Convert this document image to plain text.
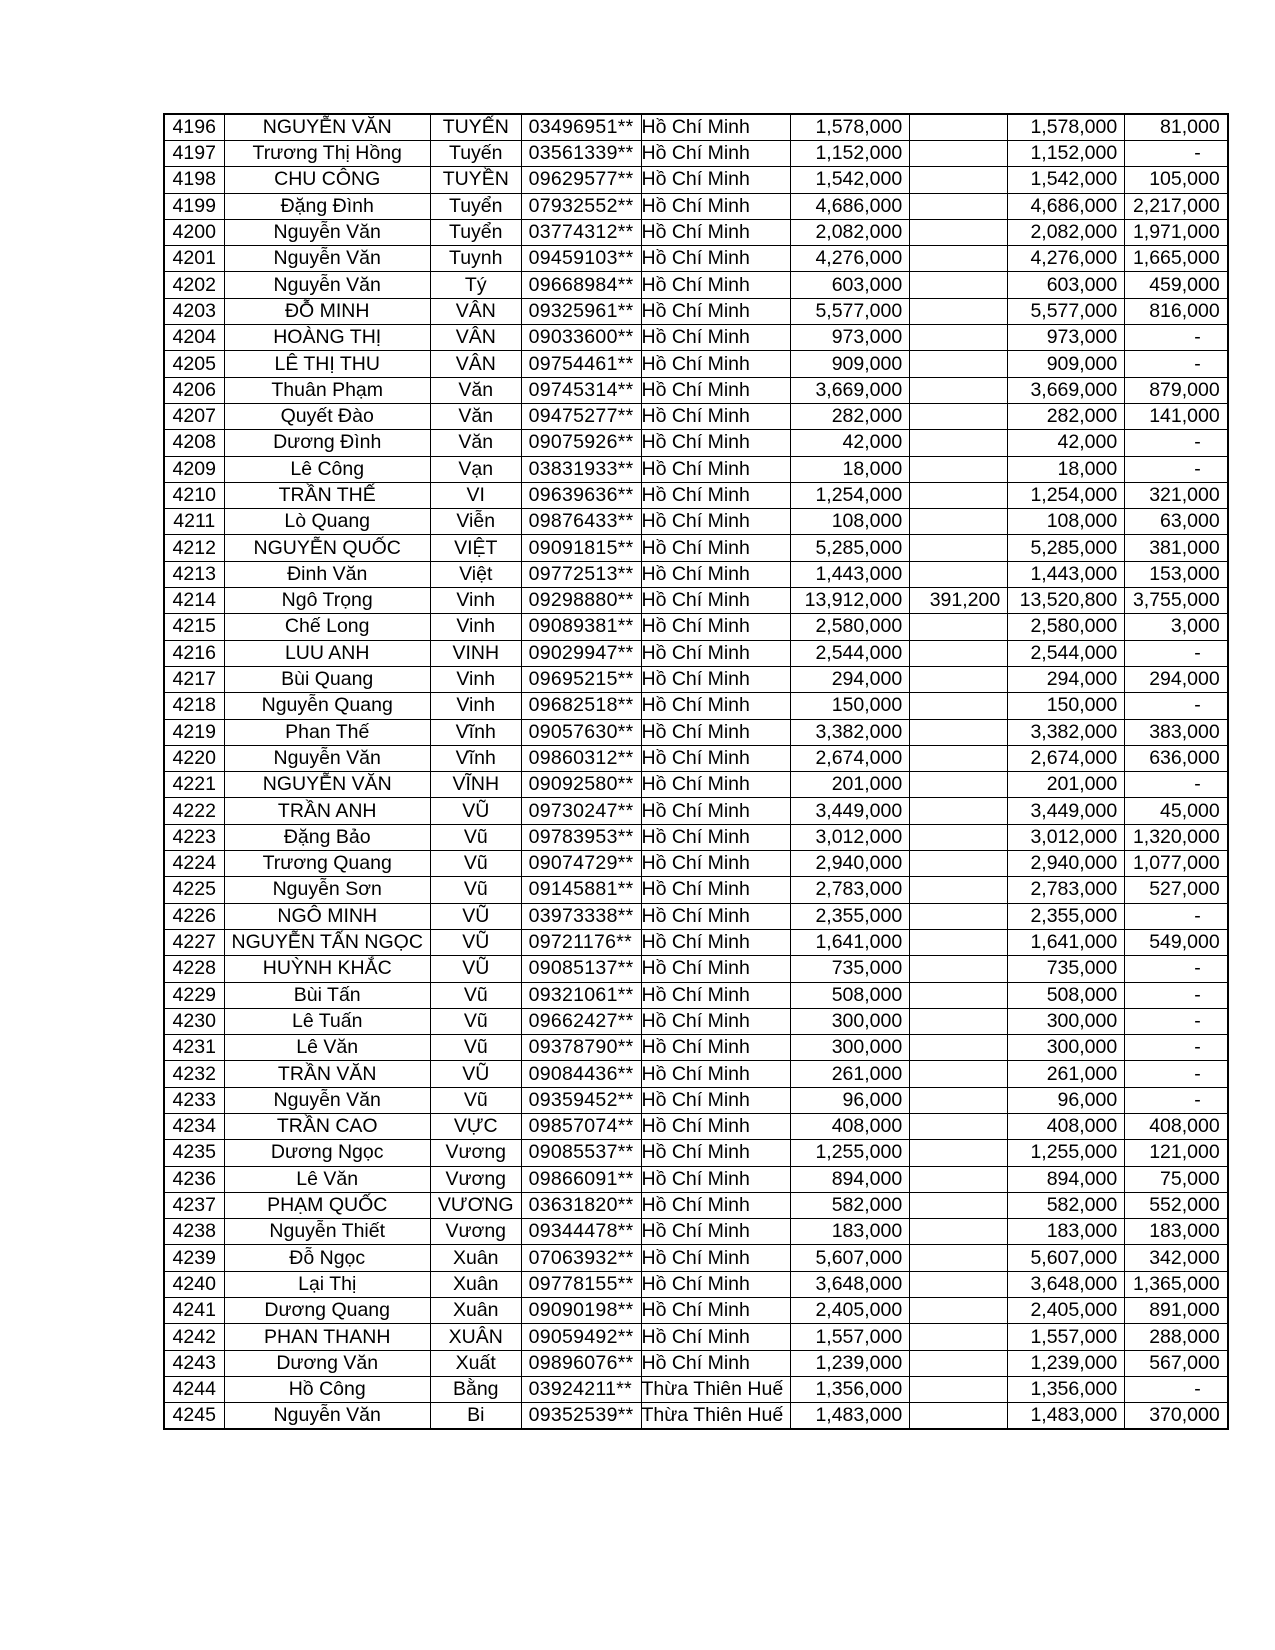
4196	NGUYỄN VĂN	TUYẾN	03496951**	Hồ Chí Minh	1,578,000		1,578,000	81,000
4197	Trương Thị Hồng	Tuyến	03561339**	Hồ Chí Minh	1,152,000		1,152,000	-
4198	CHU CÔNG	TUYỀN	09629577**	Hồ Chí Minh	1,542,000		1,542,000	105,000
4199	Đặng Đình	Tuyển	07932552**	Hồ Chí Minh	4,686,000		4,686,000	2,217,000
4200	Nguyễn Văn	Tuyển	03774312**	Hồ Chí Minh	2,082,000		2,082,000	1,971,000
4201	Nguyễn Văn	Tuynh	09459103**	Hồ Chí Minh	4,276,000		4,276,000	1,665,000
4202	Nguyễn Văn	Tý	09668984**	Hồ Chí Minh	603,000		603,000	459,000
4203	ĐỖ MINH	VÂN	09325961**	Hồ Chí Minh	5,577,000		5,577,000	816,000
4204	HOÀNG THỊ	VÂN	09033600**	Hồ Chí Minh	973,000		973,000	-
4205	LÊ THỊ THU	VÂN	09754461**	Hồ Chí Minh	909,000		909,000	-
4206	Thuân Phạm	Văn	09745314**	Hồ Chí Minh	3,669,000		3,669,000	879,000
4207	Quyết Đào	Văn	09475277**	Hồ Chí Minh	282,000		282,000	141,000
4208	Dương Đình	Văn	09075926**	Hồ Chí Minh	42,000		42,000	-
4209	Lê Công	Vạn	03831933**	Hồ Chí Minh	18,000		18,000	-
4210	TRẦN THẾ	VI	09639636**	Hồ Chí Minh	1,254,000		1,254,000	321,000
4211	Lò Quang	Viễn	09876433**	Hồ Chí Minh	108,000		108,000	63,000
4212	NGUYỄN QUỐC	VIỆT	09091815**	Hồ Chí Minh	5,285,000		5,285,000	381,000
4213	Đinh Văn	Việt	09772513**	Hồ Chí Minh	1,443,000		1,443,000	153,000
4214	Ngô Trọng	Vinh	09298880**	Hồ Chí Minh	13,912,000	391,200	13,520,800	3,755,000
4215	Chế Long	Vinh	09089381**	Hồ Chí Minh	2,580,000		2,580,000	3,000
4216	LUU ANH	VINH	09029947**	Hồ Chí Minh	2,544,000		2,544,000	-
4217	Bùi Quang	Vinh	09695215**	Hồ Chí Minh	294,000		294,000	294,000
4218	Nguyễn Quang	Vinh	09682518**	Hồ Chí Minh	150,000		150,000	-
4219	Phan Thế	Vĩnh	09057630**	Hồ Chí Minh	3,382,000		3,382,000	383,000
4220	Nguyễn Văn	Vĩnh	09860312**	Hồ Chí Minh	2,674,000		2,674,000	636,000
4221	NGUYỄN VĂN	VĨNH	09092580**	Hồ Chí Minh	201,000		201,000	-
4222	TRẦN ANH	VŨ	09730247**	Hồ Chí Minh	3,449,000		3,449,000	45,000
4223	Đặng Bảo	Vũ	09783953**	Hồ Chí Minh	3,012,000		3,012,000	1,320,000
4224	Trương Quang	Vũ	09074729**	Hồ Chí Minh	2,940,000		2,940,000	1,077,000
4225	Nguyễn Sơn	Vũ	09145881**	Hồ Chí Minh	2,783,000		2,783,000	527,000
4226	NGÔ MINH	VŨ	03973338**	Hồ Chí Minh	2,355,000		2,355,000	-
4227	NGUYỄN TẤN NGỌC	VŨ	09721176**	Hồ Chí Minh	1,641,000		1,641,000	549,000
4228	HUỲNH KHẮC	VŨ	09085137**	Hồ Chí Minh	735,000		735,000	-
4229	Bùi Tấn	Vũ	09321061**	Hồ Chí Minh	508,000		508,000	-
4230	Lê Tuấn	Vũ	09662427**	Hồ Chí Minh	300,000		300,000	-
4231	Lê Văn	Vũ	09378790**	Hồ Chí Minh	300,000		300,000	-
4232	TRẦN VĂN	VŨ	09084436**	Hồ Chí Minh	261,000		261,000	-
4233	Nguyễn Văn	Vũ	09359452**	Hồ Chí Minh	96,000		96,000	-
4234	TRẦN CAO	VỰC	09857074**	Hồ Chí Minh	408,000		408,000	408,000
4235	Dương Ngọc	Vương	09085537**	Hồ Chí Minh	1,255,000		1,255,000	121,000
4236	Lê Văn	Vương	09866091**	Hồ Chí Minh	894,000		894,000	75,000
4237	PHẠM QUỐC	VƯƠNG	03631820**	Hồ Chí Minh	582,000		582,000	552,000
4238	Nguyễn Thiết	Vương	09344478**	Hồ Chí Minh	183,000		183,000	183,000
4239	Đỗ Ngọc	Xuân	07063932**	Hồ Chí Minh	5,607,000		5,607,000	342,000
4240	Lại Thị	Xuân	09778155**	Hồ Chí Minh	3,648,000		3,648,000	1,365,000
4241	Dương Quang	Xuân	09090198**	Hồ Chí Minh	2,405,000		2,405,000	891,000
4242	PHAN THANH	XUÂN	09059492**	Hồ Chí Minh	1,557,000		1,557,000	288,000
4243	Dương Văn	Xuất	09896076**	Hồ Chí Minh	1,239,000		1,239,000	567,000
4244	Hồ Công	Bằng	03924211**	Thừa Thiên Huế	1,356,000		1,356,000	-
4245	Nguyễn Văn	Bi	09352539**	Thừa Thiên Huế	1,483,000		1,483,000	370,000
